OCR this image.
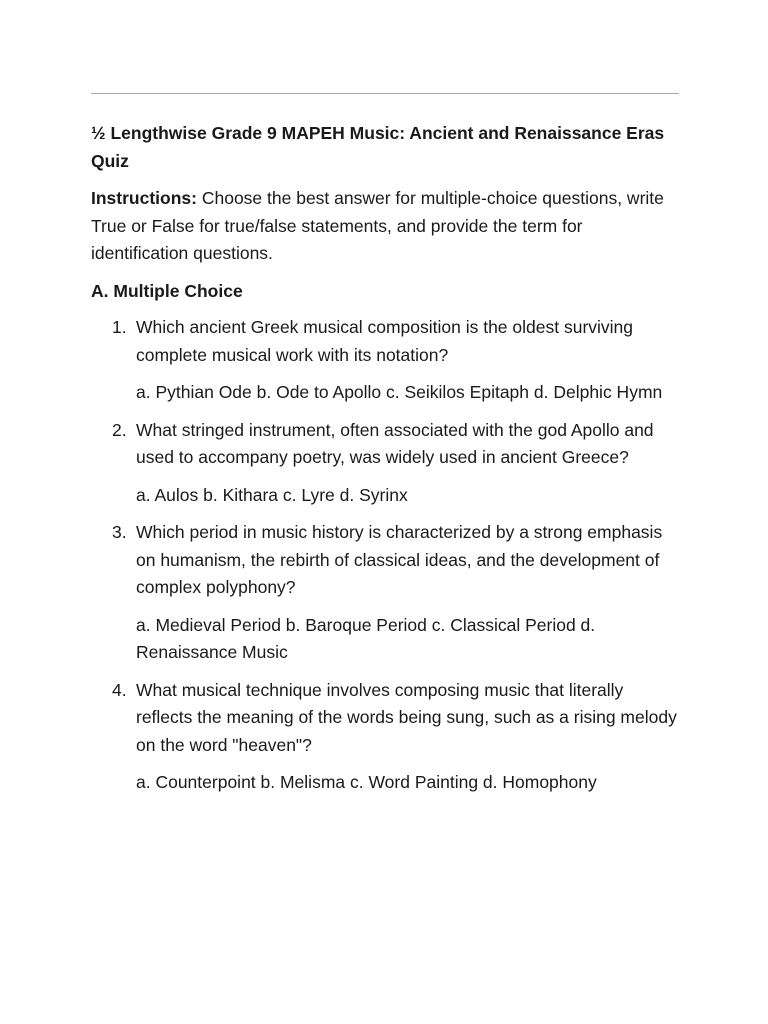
½ Lengthwise Grade 9 MAPEH Music: Ancient and Renaissance Eras Quiz

Instructions: Choose the best answer for multiple-choice questions, write True or False for true/false statements, and provide the term for identification questions.

A. Multiple Choice

1. Which ancient Greek musical composition is the oldest surviving complete musical work with its notation?

a. Pythian Ode b. Ode to Apollo c. Seikilos Epitaph d. Delphic Hymn

2. What stringed instrument, often associated with the god Apollo and used to accompany poetry, was widely used in ancient Greece?

a. Aulos b. Kithara c. Lyre d. Syrinx

3. Which period in music history is characterized by a strong emphasis on humanism, the rebirth of classical ideas, and the development of complex polyphony?

a. Medieval Period b. Baroque Period c. Classical Period d. Renaissance Music

4. What musical technique involves composing music that literally reflects the meaning of the words being sung, such as a rising melody on the word "heaven"?

a. Counterpoint b. Melisma c. Word Painting d. Homophony
